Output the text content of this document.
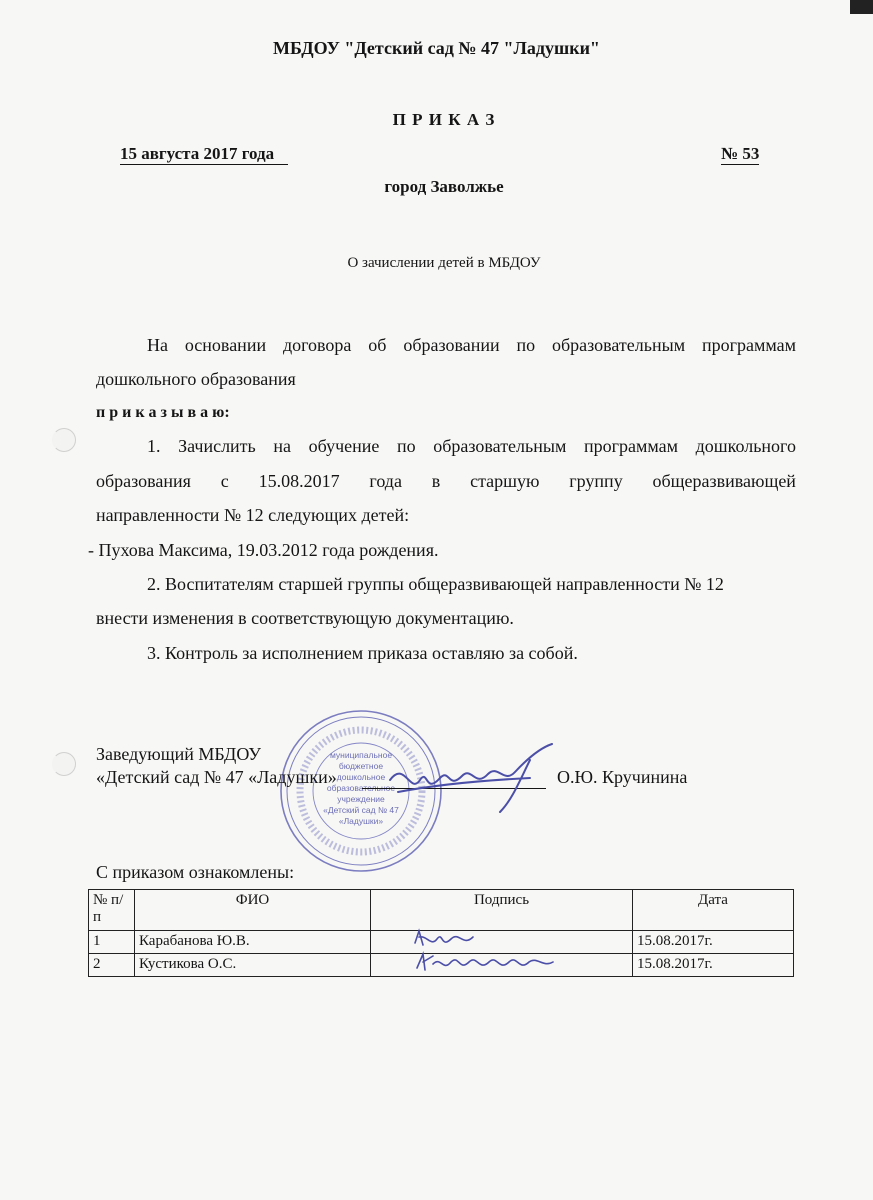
МБДОУ "Детский сад № 47 "Ладушки"
П Р И К А З
15 августа 2017 года	№ 53
город Заволжье
О зачислении детей в МБДОУ
На основании договора об образовании по образовательным программам
дошкольного образования
п р и к а з ы в а ю:
1. Зачислить на обучение по образовательным программам дошкольного
образования с 15.08.2017 года в старшую группу общеразвивающей
направленности № 12 следующих детей:
- Пухова Максима, 19.03.2012 года рождения.
2. Воспитателям старшей группы общеразвивающей направленности № 12
внести изменения в соответствующую документацию.
3. Контроль за исполнением приказа оставляю за собой.
муниципальное
бюджетное
дошкольное
образовательное
учреждение
«Детский сад № 47
«Ладушки»
Заведующий МБДОУ
«Детский сад № 47 «Ладушки»	О.Ю. Кручинина
С приказом ознакомлены:
№ п/п	ФИО	Подпись	Дата
1	Карабанова Ю.В.		15.08.2017г.
2	Кустикова О.С.		15.08.2017г.
